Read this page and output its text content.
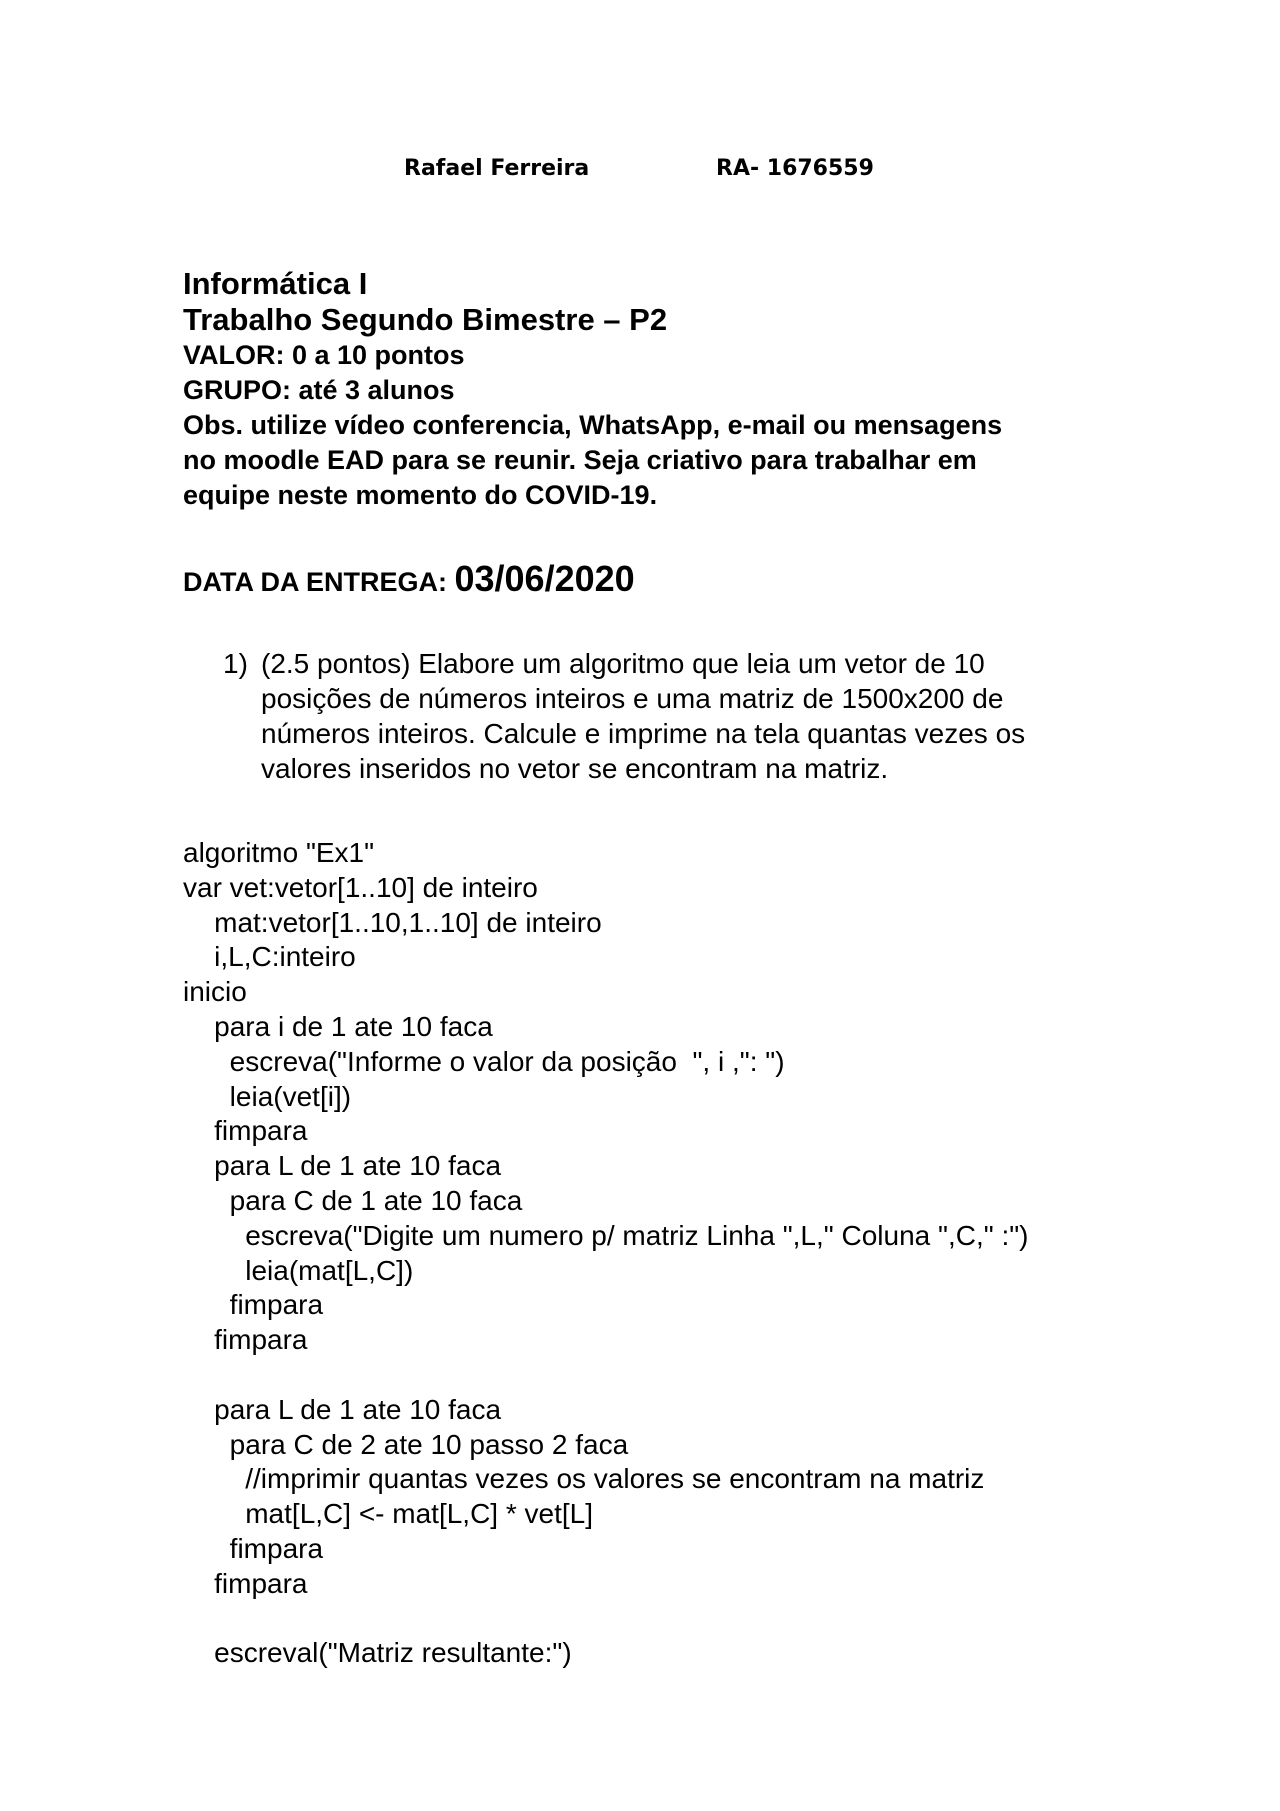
Rafael Ferreira	RA- 1676559

Informática I

Trabalho Segundo Bimestre – P2

VALOR: 0 a 10 pontos

GRUPO: até 3 alunos

Obs. utilize vídeo conferencia, WhatsApp, e-mail ou mensagens

no moodle EAD para se reunir. Seja criativo para trabalhar em

equipe neste momento do COVID-19.

DATA DA ENTREGA: 03/06/2020
1) (2.5 pontos) Elabore um algoritmo que leia um vetor de 10
posições de números inteiros e uma matriz de 1500x200 de
números inteiros. Calcule e imprime na tela quantas vezes os
valores inseridos no vetor se encontram na matriz.
algoritmo "Ex1"
var vet:vetor[1..10] de inteiro
mat:vetor[1..10,1..10] de inteiro
i,L,C:inteiro
inicio
para i de 1 ate 10 faca
escreva("Informe o valor da posição  ", i ,": ")
leia(vet[i])
fimpara
para L de 1 ate 10 faca
para C de 1 ate 10 faca
escreva("Digite um numero p/ matriz Linha ",L," Coluna ",C," :")
leia(mat[L,C])
fimpara
fimpara
para L de 1 ate 10 faca
para C de 2 ate 10 passo 2 faca
//imprimir quantas vezes os valores se encontram na matriz
mat[L,C] <- mat[L,C] * vet[L]
fimpara
fimpara
escreval("Matriz resultante:")
